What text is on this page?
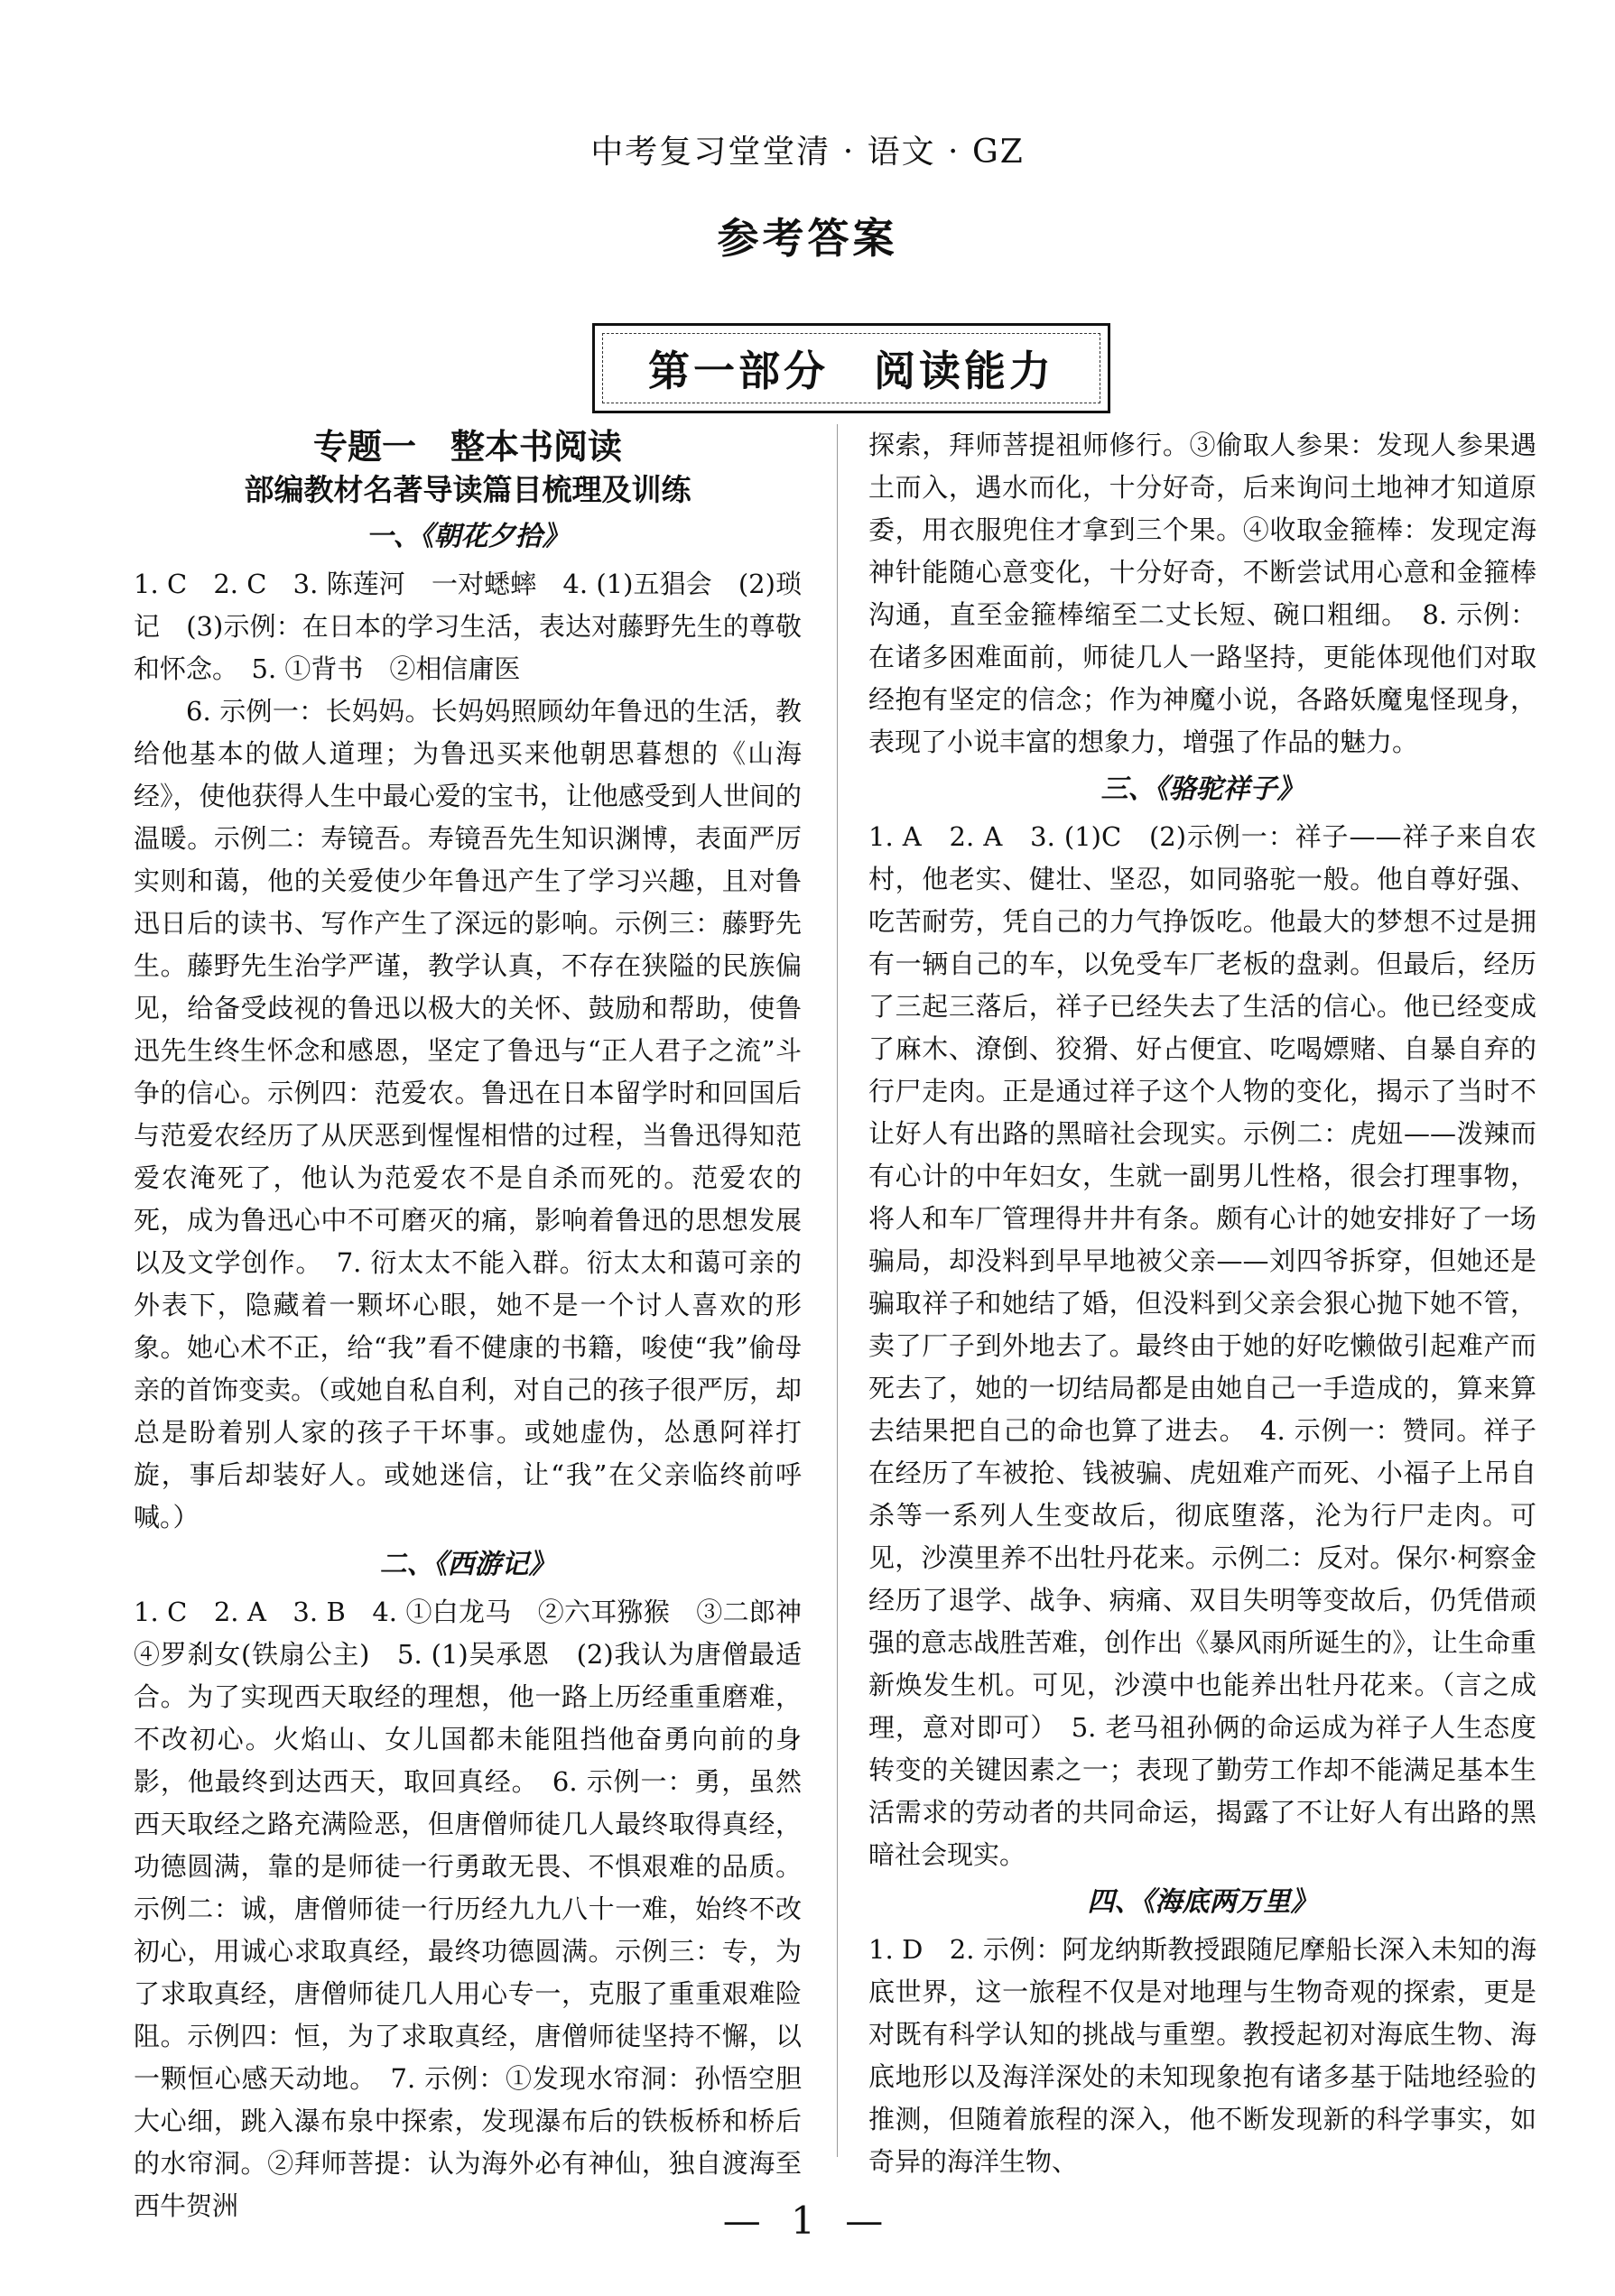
中考复习堂堂清 · 语文 · GZ
参考答案
第一部分　阅读能力
专题一　整本书阅读
部编教材名著导读篇目梳理及训练
一、《朝花夕拾》

1. C　2. C　3. 陈莲河　一对蟋蟀　4. (1)五猖会　(2)琐记　(3)示例：在日本的学习生活，表达对藤野先生的尊敬和怀念。　5. ①背书　②相信庸医

6. 示例一：长妈妈。长妈妈照顾幼年鲁迅的生活，教给他基本的做人道理；为鲁迅买来他朝思暮想的《山海经》，使他获得人生中最心爱的宝书，让他感受到人世间的温暖。示例二：寿镜吾。寿镜吾先生知识渊博，表面严厉实则和蔼，他的关爱使少年鲁迅产生了学习兴趣，且对鲁迅日后的读书、写作产生了深远的影响。示例三：藤野先生。藤野先生治学严谨，教学认真，不存在狭隘的民族偏见，给备受歧视的鲁迅以极大的关怀、鼓励和帮助，使鲁迅先生终生怀念和感恩，坚定了鲁迅与“正人君子之流”斗争的信心。示例四：范爱农。鲁迅在日本留学时和回国后与范爱农经历了从厌恶到惺惺相惜的过程，当鲁迅得知范爱农淹死了，他认为范爱农不是自杀而死的。范爱农的死，成为鲁迅心中不可磨灭的痛，影响着鲁迅的思想发展以及文学创作。　7. 衍太太不能入群。衍太太和蔼可亲的外表下，隐藏着一颗坏心眼，她不是一个讨人喜欢的形象。她心术不正，给“我”看不健康的书籍，唆使“我”偷母亲的首饰变卖。（或她自私自利，对自己的孩子很严厉，却总是盼着别人家的孩子干坏事。或她虚伪，怂恿阿祥打旋，事后却装好人。或她迷信，让“我”在父亲临终前呼喊。）

二、《西游记》

1. C　2. A　3. B　4. ①白龙马　②六耳猕猴　③二郎神　④罗刹女(铁扇公主)　5. (1)吴承恩　(2)我认为唐僧最适合。为了实现西天取经的理想，他一路上历经重重磨难，不改初心。火焰山、女儿国都未能阻挡他奋勇向前的身影，他最终到达西天，取回真经。　6. 示例一：勇，虽然西天取经之路充满险恶，但唐僧师徒几人最终取得真经，功德圆满，靠的是师徒一行勇敢无畏、不惧艰难的品质。示例二：诚，唐僧师徒一行历经九九八十一难，始终不改初心，用诚心求取真经，最终功德圆满。示例三：专，为了求取真经，唐僧师徒几人用心专一，克服了重重艰难险阻。示例四：恒，为了求取真经，唐僧师徒坚持不懈，以一颗恒心感天动地。　7. 示例：①发现水帘洞：孙悟空胆大心细，跳入瀑布泉中探索，发现瀑布后的铁板桥和桥后的水帘洞。②拜师菩提：认为海外必有神仙，独自渡海至西牛贺洲

探索，拜师菩提祖师修行。③偷取人参果：发现人参果遇土而入，遇水而化，十分好奇，后来询问土地神才知道原委，用衣服兜住才拿到三个果。④收取金箍棒：发现定海神针能随心意变化，十分好奇，不断尝试用心意和金箍棒沟通，直至金箍棒缩至二丈长短、碗口粗细。　8. 示例：在诸多困难面前，师徒几人一路坚持，更能体现他们对取经抱有坚定的信念；作为神魔小说，各路妖魔鬼怪现身，表现了小说丰富的想象力，增强了作品的魅力。

三、《骆驼祥子》

1. A　2. A　3. (1)C　(2)示例一：祥子——祥子来自农村，他老实、健壮、坚忍，如同骆驼一般。他自尊好强、吃苦耐劳，凭自己的力气挣饭吃。他最大的梦想不过是拥有一辆自己的车，以免受车厂老板的盘剥。但最后，经历了三起三落后，祥子已经失去了生活的信心。他已经变成了麻木、潦倒、狡猾、好占便宜、吃喝嫖赌、自暴自弃的行尸走肉。正是通过祥子这个人物的变化，揭示了当时不让好人有出路的黑暗社会现实。示例二：虎妞——泼辣而有心计的中年妇女，生就一副男儿性格，很会打理事物，将人和车厂管理得井井有条。颇有心计的她安排好了一场骗局，却没料到早早地被父亲——刘四爷拆穿，但她还是骗取祥子和她结了婚，但没料到父亲会狠心抛下她不管，卖了厂子到外地去了。最终由于她的好吃懒做引起难产而死去了，她的一切结局都是由她自己一手造成的，算来算去结果把自己的命也算了进去。　4. 示例一：赞同。祥子在经历了车被抢、钱被骗、虎妞难产而死、小福子上吊自杀等一系列人生变故后，彻底堕落，沦为行尸走肉。可见，沙漠里养不出牡丹花来。示例二：反对。保尔·柯察金经历了退学、战争、病痛、双目失明等变故后，仍凭借顽强的意志战胜苦难，创作出《暴风雨所诞生的》，让生命重新焕发生机。可见，沙漠中也能养出牡丹花来。（言之成理，意对即可）　5. 老马祖孙俩的命运成为祥子人生态度转变的关键因素之一；表现了勤劳工作却不能满足基本生活需求的劳动者的共同命运，揭露了不让好人有出路的黑暗社会现实。

四、《海底两万里》

1. D　2. 示例：阿龙纳斯教授跟随尼摩船长深入未知的海底世界，这一旅程不仅是对地理与生物奇观的探索，更是对既有科学认知的挑战与重塑。教授起初对海底生物、海底地形以及海洋深处的未知现象抱有诸多基于陆地经验的推测，但随着旅程的深入，他不断发现新的科学事实，如奇异的海洋生物、

— 1 —
